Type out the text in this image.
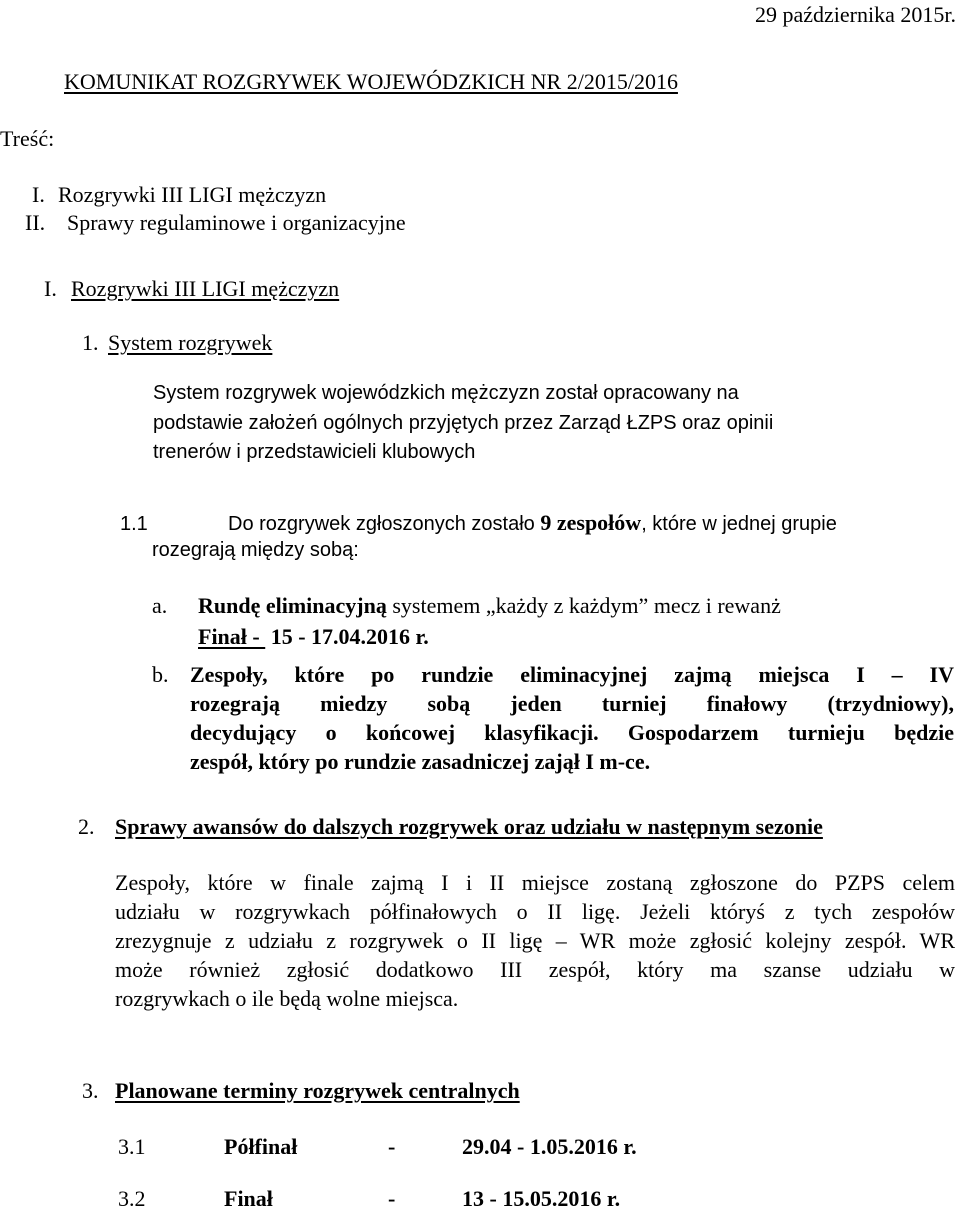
29 października 2015r.
KOMUNIKAT ROZGRYWEK WOJEWÓDZKICH NR 2/2015/2016
Treść:
I. Rozgrywki III LIGI mężczyzn
II. Sprawy regulaminowe i organizacyjne
I. Rozgrywki III LIGI mężczyzn
1. System rozgrywek
System rozgrywek wojewódzkich mężczyzn został opracowany na
podstawie założeń ogólnych przyjętych przez Zarząd ŁZPS oraz opinii
trenerów i przedstawicieli klubowych
1.1	Do rozgrywek zgłoszonych zostało 9 zespołów, które w jednej grupie
rozegrają między sobą:
a. Rundę eliminacyjną systemem „każdy z każdym” mecz i rewanż
Finał -  15 - 17.04.2016 r.
b. Zespoły, które po rundzie eliminacyjnej zajmą miejsca I – IV
rozegrają miedzy sobą jeden turniej finałowy (trzydniowy),
decydujący o końcowej klasyfikacji. Gospodarzem turnieju będzie
zespół, który po rundzie zasadniczej zajął I m-ce.
2. Sprawy awansów do dalszych rozgrywek oraz udziału w następnym sezonie
Zespoły, które w finale zajmą I i II miejsce zostaną zgłoszone do PZPS celem
udziału w rozgrywkach półfinałowych o II ligę. Jeżeli któryś z tych zespołów
zrezygnuje z udziału z rozgrywek o II ligę – WR może zgłosić kolejny zespół. WR
może również zgłosić dodatkowo III zespół, który ma szanse udziału w
rozgrywkach o ile będą wolne miejsca.
3. Planowane terminy rozgrywek centralnych
3.1	Półfinał	-	29.04 - 1.05.2016 r.
3.2	Finał	-	13 - 15.05.2016 r.
